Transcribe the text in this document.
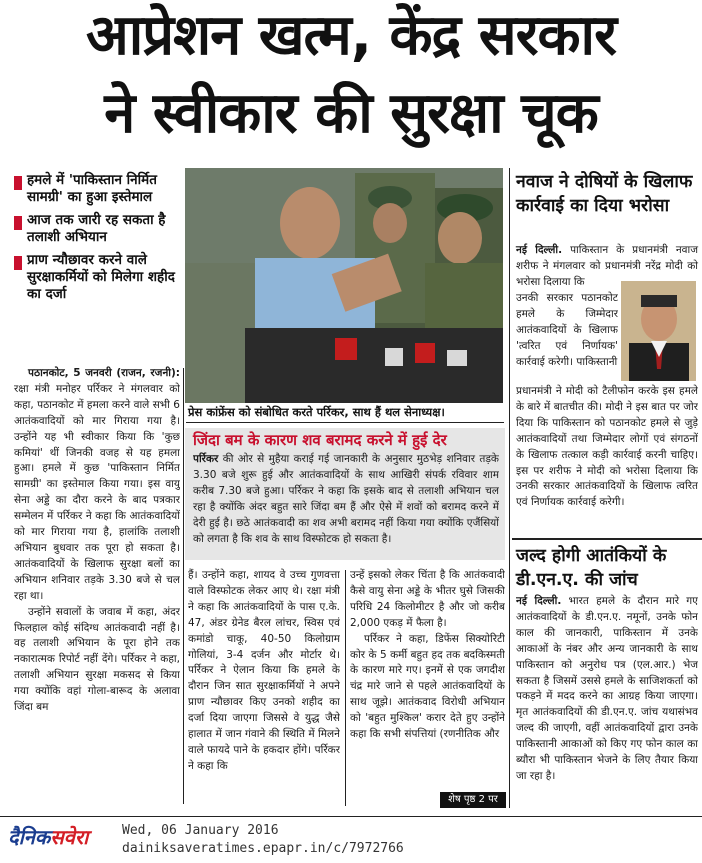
आप्रेशन खत्म, केंद्र सरकार
ने स्वीकार की सुरक्षा चूक
हमले में 'पाकिस्तान निर्मित सामग्री' का हुआ इस्तेमाल
आज तक जारी रह सकता है तलाशी अभियान
प्राण न्यौछावर करने वाले सुरक्षाकर्मियों को मिलेगा शहीद का दर्जा

पठानकोट, 5 जनवरी (राजन, रजनी): रक्षा मंत्री मनोहर पर्रिकर ने मंगलवार को कहा, पठानकोट में हमला करने वाले सभी 6 आतंकवादियों को मार गिराया गया है। उन्होंने यह भी स्वीकार किया कि 'कुछ कमियां' थीं जिनकी वजह से यह हमला हुआ। हमले में कुछ 'पाकिस्तान निर्मित सामग्री' का इस्तेमाल किया गया। इस वायु सेना अड्डे का दौरा करने के बाद पत्रकार सम्मेलन में पर्रिकर ने कहा कि आतंकवादियों को मार गिराया गया है, हालांकि तलाशी अभियान बुधवार तक पूरा हो सकता है। आतंकवादियों के खिलाफ सुरक्षा बलों का अभियान शनिवार तड़के 3.30 बजे से चल रहा था।

उन्होंने सवालों के जवाब में कहा, अंदर फिलहाल कोई संदिग्ध आतंकवादी नहीं है। वह तलाशी अभियान के पूरा होने तक नकारात्मक रिपोर्ट नहीं देंगे। पर्रिकर ने कहा, तलाशी अभियान सुरक्षा मकसद से किया गया क्योंकि वहां गोला-बारूद के अलावा जिंदा बम

प्रेस कांफ्रेंस को संबोधित करते पर्रिकर, साथ हैं थल सेनाध्यक्ष।
जिंदा बम के कारण शव बरामद करने में हुई देर
पर्रिकर की ओर से मुहैया कराई गई जानकारी के अनुसार मुठभेड़ शनिवार तड़के 3.30 बजे शुरू हुई और आतंकवादियों के साथ आखिरी संपर्क रविवार शाम करीब 7.30 बजे हुआ। पर्रिकर ने कहा कि इसके बाद से तलाशी अभियान चल रहा है क्योंकि अंदर बहुत सारे जिंदा बम हैं और ऐसे में शवों को बरामद करने में देरी हुई है। छठे आतंकवादी का शव अभी बरामद नहीं किया गया क्योंकि एजैंसियों को लगता है कि शव के साथ विस्फोटक हो सकता है।
हैं। उन्होंने कहा, शायद वे उच्च गुणवत्ता वाले विस्फोटक लेकर आए थे। रक्षा मंत्री ने कहा कि आतंकवादियों के पास ए.के. 47, अंडर ग्रेनेड बैरल लांचर, स्विस एवं कमांडो चाकू, 40-50 किलोग्राम गोलियां, 3-4 दर्जन और मोर्टार थे। पर्रिकर ने ऐलान किया कि हमले के दौरान जिन सात सुरक्षाकर्मियों ने अपने प्राण न्यौछावर किए उनको शहीद का दर्जा दिया जाएगा जिससे वे युद्ध जैसे हालात में जान गंवाने की स्थिति में मिलने वाले फायदे पाने के हकदार होंगे। पर्रिकर ने कहा कि

उन्हें इसको लेकर चिंता है कि आतंकवादी कैसे वायु सेना अड्डे के भीतर घुसे जिसकी परिधि 24 किलोमीटर है और जो करीब 2,000 एकड़ में फैला है।

पर्रिकर ने कहा, डिफेंस सिक्योरिटी कोर के 5 कर्मी बहुत हद तक बदकिस्मती के कारण मारे गए। इनमें से एक जगदीश चंद्र मारे जाने से पहले आतंकवादियों के साथ जूझे। आतंकवाद विरोधी अभियान को 'बहुत मुश्किल' करार देते हुए उन्होंने कहा कि सभी संपत्तियां (रणनीतिक और

शेष पृष्ठ 2 पर
नवाज ने दोषियों के खिलाफ कार्रवाई का दिया भरोसा
नई दिल्ली. पाकिस्तान के प्रधानमंत्री नवाज शरीफ ने मंगलवार को प्रधानमंत्री नरेंद्र मोदी को भरोसा दिलाया कि
उनकी सरकार पठानकोट हमले के जिम्मेदार आतंकवादियों के खिलाफ 'त्वरित एवं निर्णायक' कार्रवाई करेगी। पाकिस्तानी
प्रधानमंत्री ने मोदी को टैलीफोन करके इस हमले के बारे में बातचीत की। मोदी ने इस बात पर जोर दिया कि पाकिस्तान को पठानकोट हमले से जुड़े आतंकवादियों तथा जिम्मेदार लोगों एवं संगठनों के खिलाफ तत्काल कड़ी कार्रवाई करनी चाहिए। इस पर शरीफ ने मोदी को भरोसा दिलाया कि उनकी सरकार आतंकवादियों के खिलाफ त्वरित एवं निर्णायक कार्रवाई करेगी।
जल्द होगी आतंकियों के डी.एन.ए. की जांच
नई दिल्ली. भारत हमले के दौरान मारे गए आतंकवादियों के डी.एन.ए. नमूनों, उनके फोन काल की जानकारी, पाकिस्तान में उनके आकाओं के नंबर और अन्य जानकारी के साथ पाकिस्तान को अनुरोध पत्र (एल.आर.) भेज सकता है जिसमें उससे हमले के साजिशकर्ता को पकड़ने में मदद करने का आग्रह किया जाएगा। मृत आतंकवादियों की डी.एन.ए. जांच यथासंभव जल्द की जाएगी, वहीं आतंकवादियों द्वारा उनके पाकिस्तानी आकाओं को किए गए फोन काल का ब्यौरा भी पाकिस्तान भेजने के लिए तैयार किया जा रहा है।
दैनिकसवेरा	Wed, 06 January 2016
dainiksaveratimes.epapr.in/c/7972766
